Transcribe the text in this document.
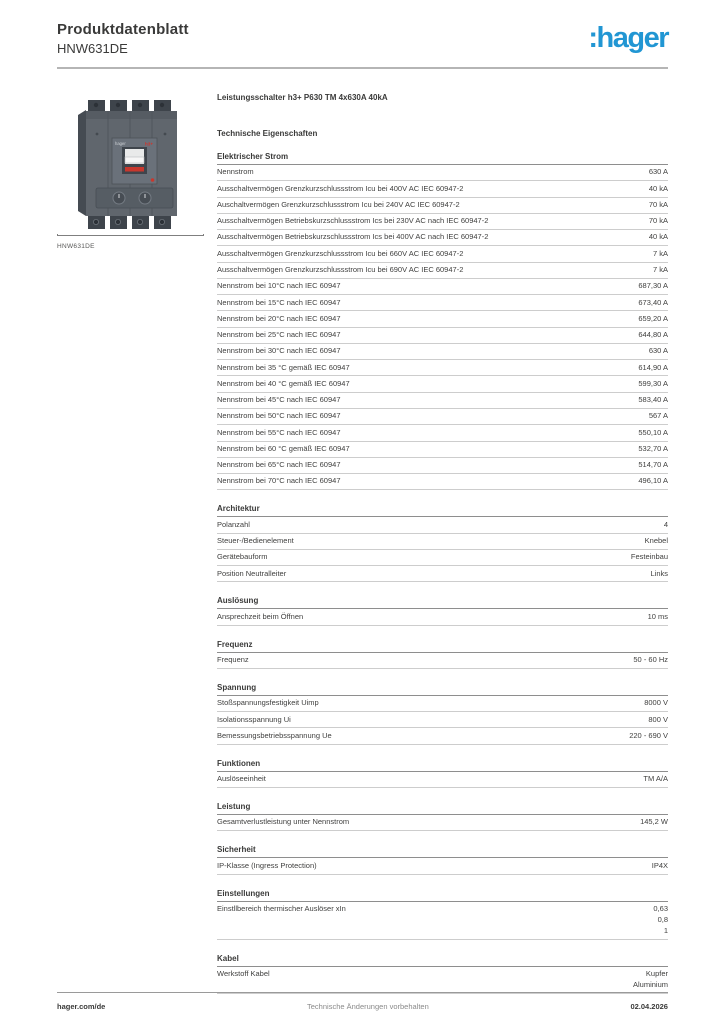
Produktdatenblatt
HNW631DE	:hager
hager	h3+
HNW631DE
Leistungsschalter h3+ P630 TM 4x630A 40kA
Technische Eigenschaften
Elektrischer Strom
Nennstrom	630 A
Ausschaltvermögen Grenzkurzschlussstrom Icu bei 400V AC IEC 60947-2	40 kA
Auschaltvermögen Grenzkurzschlussstrom Icu bei 240V AC IEC 60947-2	70 kA
Ausschaltvermögen Betriebskurzschlussstrom Ics bei 230V AC nach IEC 60947-2	70 kA
Ausschaltvermögen Betriebskurzschlussstrom Ics bei 400V AC nach IEC 60947-2	40 kA
Ausschaltvermögen Grenzkurzschlussstrom Icu bei 660V AC IEC 60947-2	7 kA
Ausschaltvermögen Grenzkurzschlussstrom Icu bei 690V AC IEC 60947-2	7 kA
Nennstrom bei 10°C nach IEC 60947	687,30 A
Nennstrom bei 15°C nach IEC 60947	673,40 A
Nennstrom bei 20°C nach IEC 60947	659,20 A
Nennstrom bei 25°C nach IEC 60947	644,80 A
Nennstrom bei 30°C nach IEC 60947	630 A
Nennstrom bei 35 °C gemäß IEC 60947	614,90 A
Nennstrom bei 40 °C gemäß IEC 60947	599,30 A
Nennstrom bei 45°C nach IEC 60947	583,40 A
Nennstrom bei 50°C nach IEC 60947	567 A
Nennstrom bei 55°C nach IEC 60947	550,10 A
Nennstrom bei 60 °C gemäß IEC 60947	532,70 A
Nennstrom bei 65°C nach IEC 60947	514,70 A
Nennstrom bei 70°C nach IEC 60947	496,10 A
Architektur
Polanzahl	4
Steuer-/Bedienelement	Knebel
Gerätebauform	Festeinbau
Position Neutralleiter	Links
Auslösung
Ansprechzeit beim Öffnen	10 ms
Frequenz
Frequenz	50 - 60 Hz
Spannung
Stoßspannungsfestigkeit Uimp	8000 V
Isolationsspannung Ui	800 V
Bemessungsbetriebsspannung Ue	220 - 690 V
Funktionen
Auslöseeinheit	TM A/A
Leistung
Gesamtverlustleistung unter Nennstrom	145,2 W
Sicherheit
IP-Klasse (Ingress Protection)	IP4X
Einstellungen
Einstllbereich thermischer Auslöser xIn	0,63
0,8
1
Kabel
Werkstoff Kabel	Kupfer
Aluminium
hager.com/de	Technische Änderungen vorbehalten	02.04.2026
